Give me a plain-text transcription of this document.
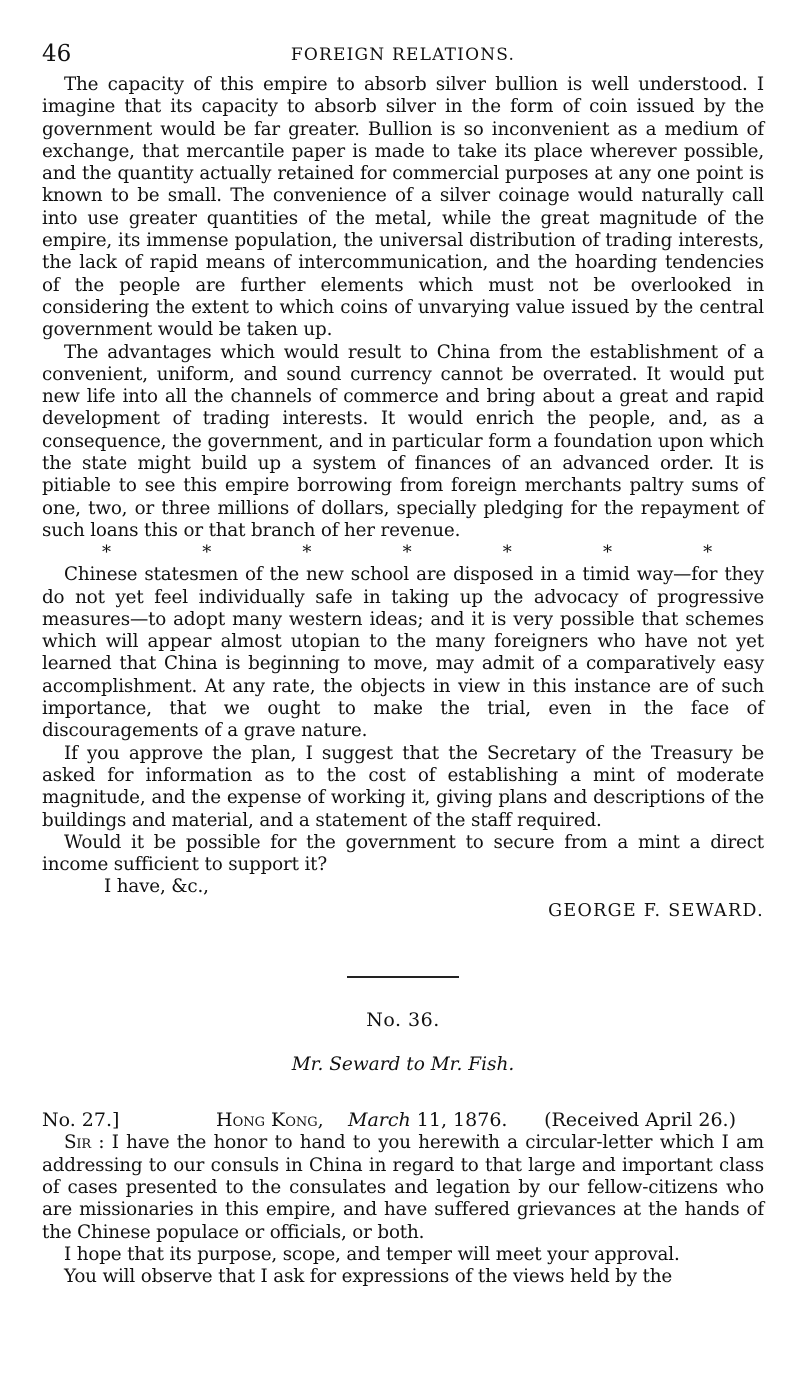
46	FOREIGN RELATIONS.

The capacity of this empire to absorb silver bullion is well understood. I imagine that its capacity to absorb silver in the form of coin issued by the government would be far greater. Bullion is so inconvenient as a medium of exchange, that mercantile paper is made to take its place wherever possible, and the quantity actually retained for commercial purposes at any one point is known to be small. The convenience of a silver coinage would naturally call into use greater quantities of the metal, while the great magnitude of the empire, its immense population, the universal distribution of trading interests, the lack of rapid means of intercommunication, and the hoarding tendencies of the people are further elements which must not be overlooked in considering the extent to which coins of unvarying value issued by the central government would be taken up.

The advantages which would result to China from the establishment of a convenient, uniform, and sound currency cannot be overrated. It would put new life into all the channels of commerce and bring about a great and rapid development of trading interests. It would enrich the people, and, as a consequence, the government, and in particular form a foundation upon which the state might build up a system of finances of an advanced order. It is pitiable to see this empire borrowing from foreign merchants paltry sums of one, two, or three millions of dollars, specially pledging for the repayment of such loans this or that branch of her revenue.

*	*	*	*	*	*	*

Chinese statesmen of the new school are disposed in a timid way—for they do not yet feel individually safe in taking up the advocacy of progressive measures—to adopt many western ideas; and it is very possible that schemes which will appear almost utopian to the many foreigners who have not yet learned that China is beginning to move, may admit of a comparatively easy accomplishment. At any rate, the objects in view in this instance are of such importance, that we ought to make the trial, even in the face of discouragements of a grave nature.

If you approve the plan, I suggest that the Secretary of the Treasury be asked for information as to the cost of establishing a mint of moderate magnitude, and the expense of working it, giving plans and descriptions of the buildings and material, and a statement of the staff required.

Would it be possible for the government to secure from a mint a direct income sufficient to support it?

I have, &c.,

GEORGE F. SEWARD.
No. 36.
Mr. Seward to Mr. Fish.
No. 27.]	Hong Kong, March 11, 1876. (Received April 26.)

Sir : I have the honor to hand to you herewith a circular-letter which I am addressing to our consuls in China in regard to that large and important class of cases presented to the consulates and legation by our fellow-citizens who are missionaries in this empire, and have suffered grievances at the hands of the Chinese populace or officials, or both.

I hope that its purpose, scope, and temper will meet your approval.

You will observe that I ask for expressions of the views held by the
